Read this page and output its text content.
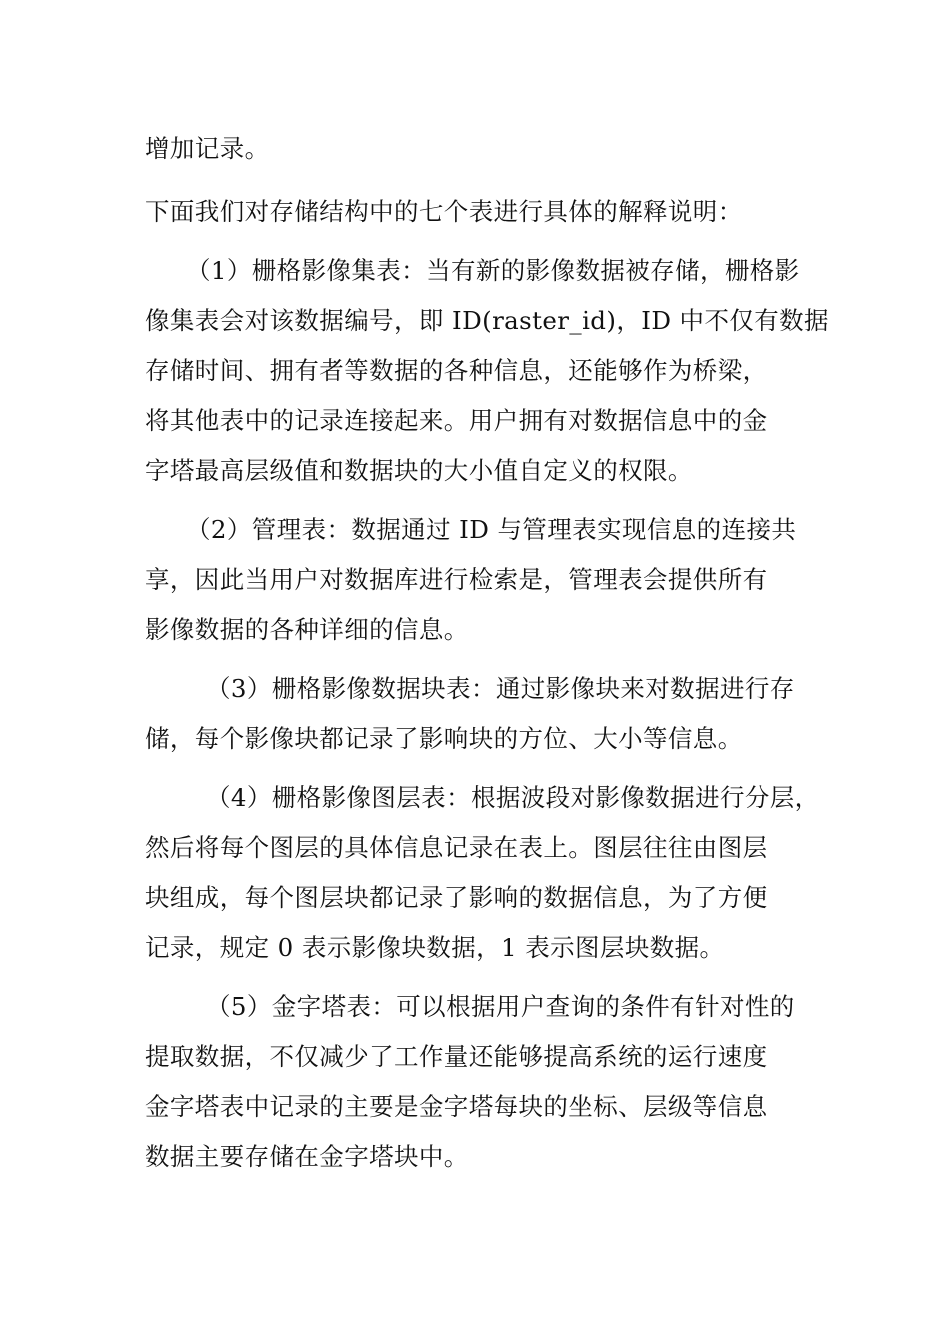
增加记录。
下面我们对存储结构中的七个表进行具体的解释说明：
（1）栅格影像集表：当有新的影像数据被存储，栅格影
像集表会对该数据编号，即 ID(raster_id)，ID 中不仅有数据
存储时间、拥有者等数据的各种信息，还能够作为桥梁，
将其他表中的记录连接起来。用户拥有对数据信息中的金
字塔最高层级值和数据块的大小值自定义的权限。
（2）管理表：数据通过 ID 与管理表实现信息的连接共
享，因此当用户对数据库进行检索是，管理表会提供所有
影像数据的各种详细的信息。
（3）栅格影像数据块表：通过影像块来对数据进行存
储，每个影像块都记录了影响块的方位、大小等信息。
（4）栅格影像图层表：根据波段对影像数据进行分层，
然后将每个图层的具体信息记录在表上。图层往往由图层
块组成，每个图层块都记录了影响的数据信息，为了方便
记录，规定 0 表示影像块数据，1 表示图层块数据。
（5）金字塔表：可以根据用户查询的条件有针对性的
提取数据，不仅减少了工作量还能够提高系统的运行速度
金字塔表中记录的主要是金字塔每块的坐标、层级等信息
数据主要存储在金字塔块中。
